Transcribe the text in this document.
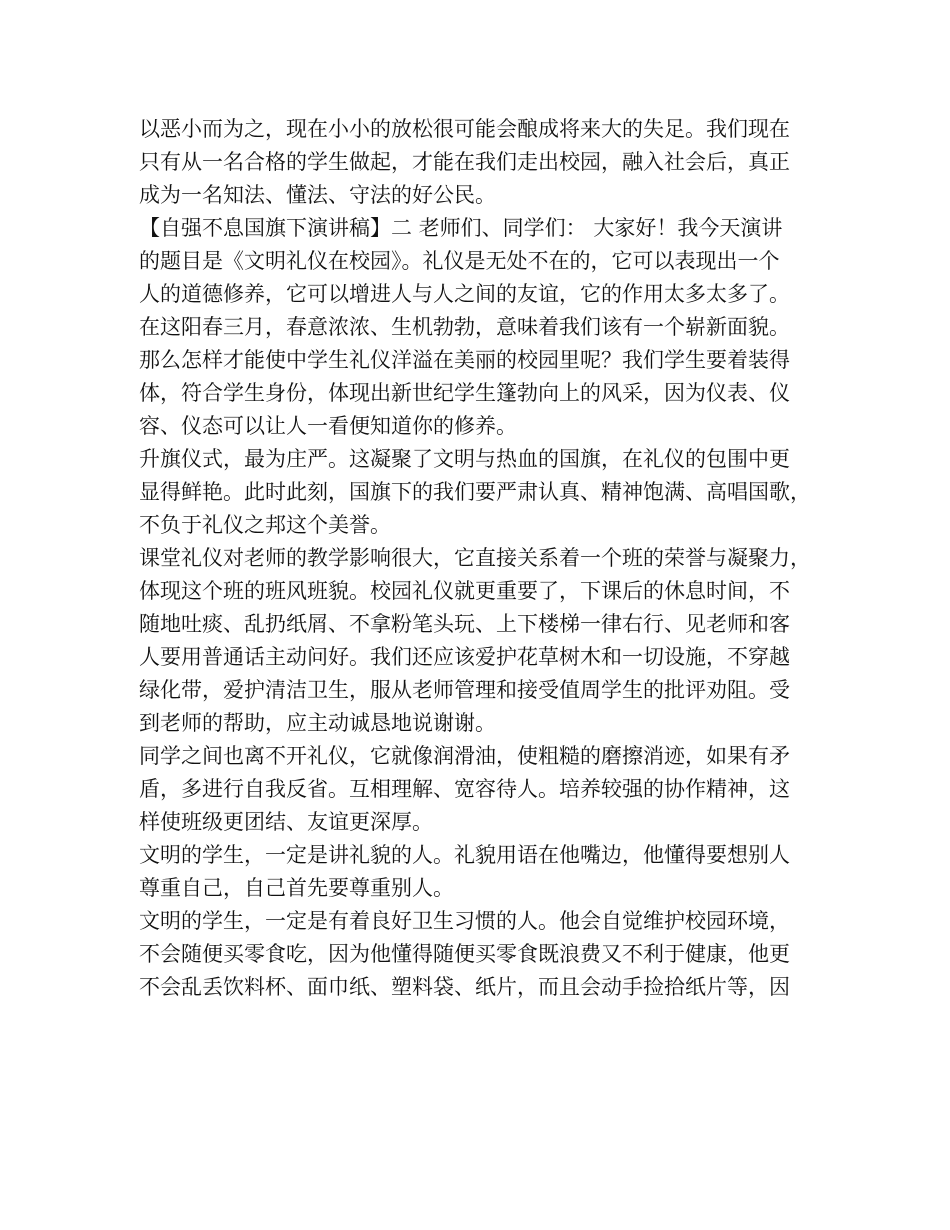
以恶小而为之，现在小小的放松很可能会酿成将来大的失足。我们现在
只有从一名合格的学生做起，才能在我们走出校园，融入社会后，真正
成为一名知法、懂法、守法的好公民。
【自强不息国旗下演讲稿】二 老师们、同学们： 大家好！我今天演讲
的题目是《文明礼仪在校园》。礼仪是无处不在的，它可以表现出一个
人的道德修养，它可以增进人与人之间的友谊，它的作用太多太多了。
在这阳春三月，春意浓浓、生机勃勃，意味着我们该有一个崭新面貌。
那么怎样才能使中学生礼仪洋溢在美丽的校园里呢？我们学生要着装得
体，符合学生身份，体现出新世纪学生篷勃向上的风采，因为仪表、仪
容、仪态可以让人一看便知道你的修养。
升旗仪式，最为庄严。这凝聚了文明与热血的国旗，在礼仪的包围中更
显得鲜艳。此时此刻，国旗下的我们要严肃认真、精神饱满、高唱国歌，
不负于礼仪之邦这个美誉。
课堂礼仪对老师的教学影响很大，它直接关系着一个班的荣誉与凝聚力，
体现这个班的班风班貌。校园礼仪就更重要了，下课后的休息时间，不
随地吐痰、乱扔纸屑、不拿粉笔头玩、上下楼梯一律右行、见老师和客
人要用普通话主动问好。我们还应该爱护花草树木和一切设施，不穿越
绿化带，爱护清洁卫生，服从老师管理和接受值周学生的批评劝阻。受
到老师的帮助，应主动诚恳地说谢谢。
同学之间也离不开礼仪，它就像润滑油，使粗糙的磨擦消迹，如果有矛
盾，多进行自我反省。互相理解、宽容待人。培养较强的协作精神，这
样使班级更团结、友谊更深厚。
文明的学生，一定是讲礼貌的人。礼貌用语在他嘴边，他懂得要想别人
尊重自己，自己首先要尊重别人。
文明的学生，一定是有着良好卫生习惯的人。他会自觉维护校园环境，
不会随便买零食吃，因为他懂得随便买零食既浪费又不利于健康，他更
不会乱丢饮料杯、面巾纸、塑料袋、纸片，而且会动手捡拾纸片等，因
